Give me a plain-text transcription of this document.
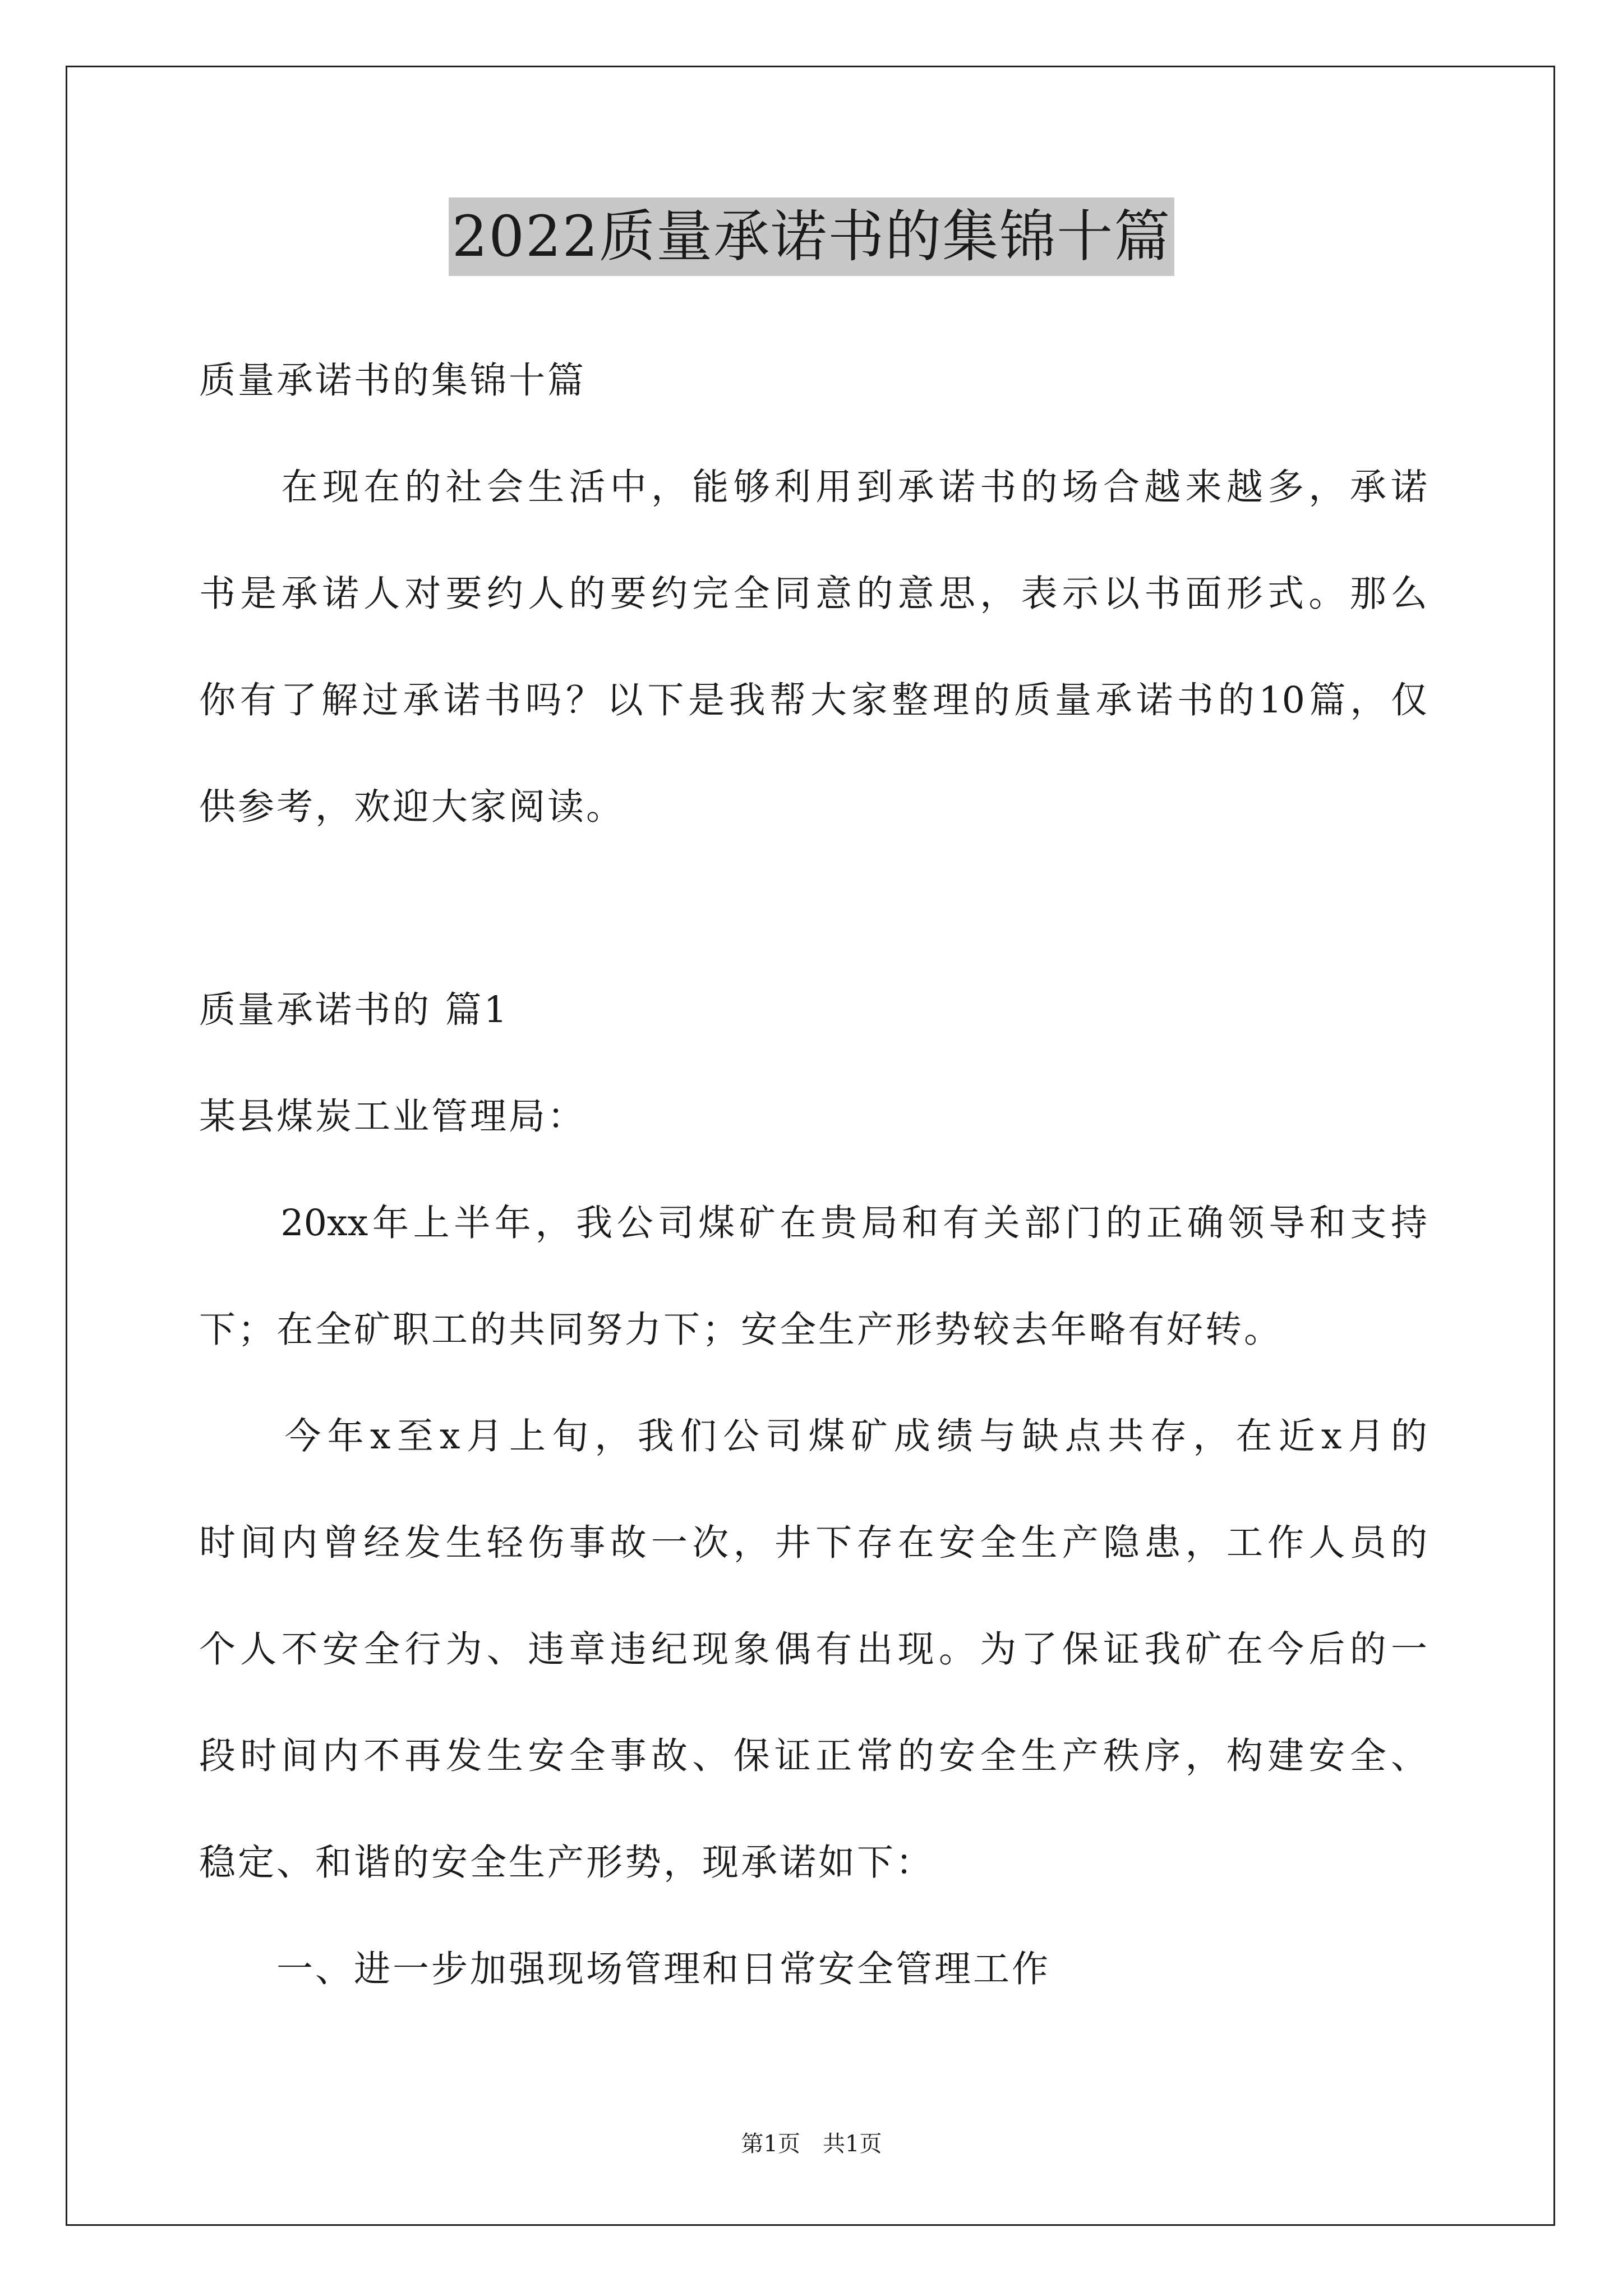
2022质量承诺书的集锦十篇
质量承诺书的集锦十篇
　　在现在的社会生活中，能够利用到承诺书的场合越来越多，承诺
书是承诺人对要约人的要约完全同意的意思，表示以书面形式。那么
你有了解过承诺书吗？以下是我帮大家整理的质量承诺书的10篇，仅
供参考，欢迎大家阅读。
质量承诺书的 篇1
某县煤炭工业管理局：
　　20xx年上半年，我公司煤矿在贵局和有关部门的正确领导和支持
下；在全矿职工的共同努力下；安全生产形势较去年略有好转。
　　今年x至x月上旬，我们公司煤矿成绩与缺点共存，在近x月的
时间内曾经发生轻伤事故一次，井下存在安全生产隐患，工作人员的
个人不安全行为、违章违纪现象偶有出现。为了保证我矿在今后的一
段时间内不再发生安全事故、保证正常的安全生产秩序，构建安全、
稳定、和谐的安全生产形势，现承诺如下：
　　一、进一步加强现场管理和日常安全管理工作
第1页　共1页
